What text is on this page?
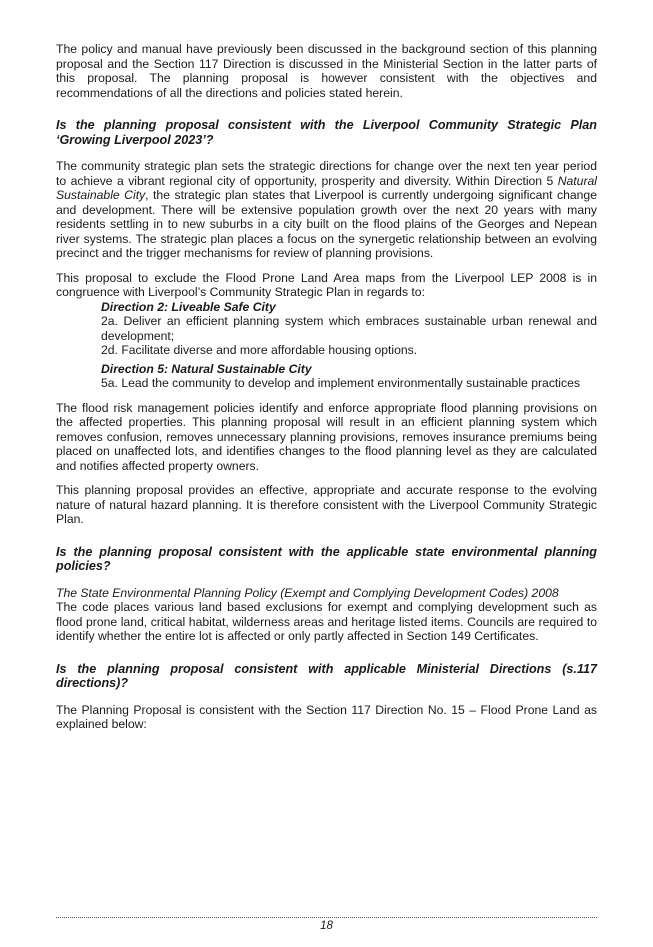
The policy and manual have previously been discussed in the background section of this planning proposal and the Section 117 Direction is discussed in the Ministerial Section in the latter parts of this proposal. The planning proposal is however consistent with the objectives and recommendations of all the directions and policies stated herein.

Is the planning proposal consistent with the Liverpool Community Strategic Plan ‘Growing Liverpool 2023’?

The community strategic plan sets the strategic directions for change over the next ten year period to achieve a vibrant regional city of opportunity, prosperity and diversity. Within Direction 5 Natural Sustainable City, the strategic plan states that Liverpool is currently undergoing significant change and development. There will be extensive population growth over the next 20 years with many residents settling in to new suburbs in a city built on the flood plains of the Georges and Nepean river systems. The strategic plan places a focus on the synergetic relationship between an evolving precinct and the trigger mechanisms for review of planning provisions.

This proposal to exclude the Flood Prone Land Area maps from the Liverpool LEP 2008 is in congruence with Liverpool’s Community Strategic Plan in regards to:

Direction 2: Liveable Safe City
2a. Deliver an efficient planning system which embraces sustainable urban renewal and development;
2d. Facilitate diverse and more affordable housing options.
Direction 5: Natural Sustainable City
5a. Lead the community to develop and implement environmentally sustainable practices

The flood risk management policies identify and enforce appropriate flood planning provisions on the affected properties. This planning proposal will result in an efficient planning system which removes confusion, removes unnecessary planning provisions, removes insurance premiums being placed on unaffected lots, and identifies changes to the flood planning level as they are calculated and notifies affected property owners.

This planning proposal provides an effective, appropriate and accurate response to the evolving nature of natural hazard planning. It is therefore consistent with the Liverpool Community Strategic Plan.

Is the planning proposal consistent with the applicable state environmental planning policies?

The State Environmental Planning Policy (Exempt and Complying Development Codes) 2008

The code places various land based exclusions for exempt and complying development such as flood prone land, critical habitat, wilderness areas and heritage listed items. Councils are required to identify whether the entire lot is affected or only partly affected in Section 149 Certificates.

Is the planning proposal consistent with applicable Ministerial Directions (s.117 directions)?

The Planning Proposal is consistent with the Section 117 Direction No. 15 – Flood Prone Land as explained below:

18
